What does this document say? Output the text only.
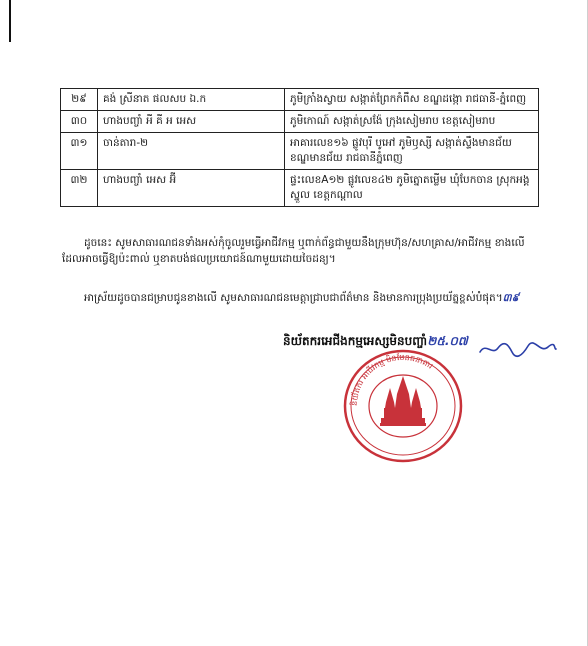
២៩	គង់ ស្រីនាត ផលសប ឯ.ក	ភូមិក្រាំងស្វាយ សង្កាត់ព្រែកកំពឹស ខណ្ឌដង្កោ រាជធានី-ភ្នំពេញ
៣០	ហាងបញ្ចាំ អី គី អ អេស	ភូមិកោណ៍ សង្កាត់ស្រង៉ែ ក្រុងសៀមរាប ខេត្តសៀមរាប
៣១	ចាន់តារា-២	អាគារលេខ១៦ ផ្លូវបុរី បូអៅ ភូមិឫស្សី សង្កាត់ស្ទឹងមានជ័យ ខណ្ឌមានជ័យ រាជធានីភ្នំពេញ
៣២	ហាងបញ្ចាំ អេស អ៊ី	ផ្ទះលេខA១២ ផ្លូវលេខ៤២ ភូមិត្នោតម្លើម ឃុំបែកចាន ស្រុកអង្គស្នួល ខេត្តកណ្ដាល

ដូចនេះ សូមសាធារណជនទាំងអស់កុំចូលរួមធ្វើអាជីវកម្ម ឬពាក់ព័ន្ធជាមួយនឹងក្រុមហ៊ុន/សហគ្រាស/អាជីវកម្ម ខាងលើដែលអាចធ្វើឱ្យប៉ះពាល់ ឬខាតបង់ផលប្រយោជន៍ណាមួយដោយចៃដន្យ។

អាស្រ័យដូចបានជម្រាបជូនខាងលើ សូមសាធារណជនមេត្តាជ្រាបជាព័ត៌មាន និងមានការប្រុងប្រយ័ត្នខ្ពស់បំផុត។៣៩

និយ័តករអេជីងកម្មអេស្សមិនបញ្ចាំ២៥.០៧
និយ័តករ អាជីវកម្ម មិនមែនធនាគារ
